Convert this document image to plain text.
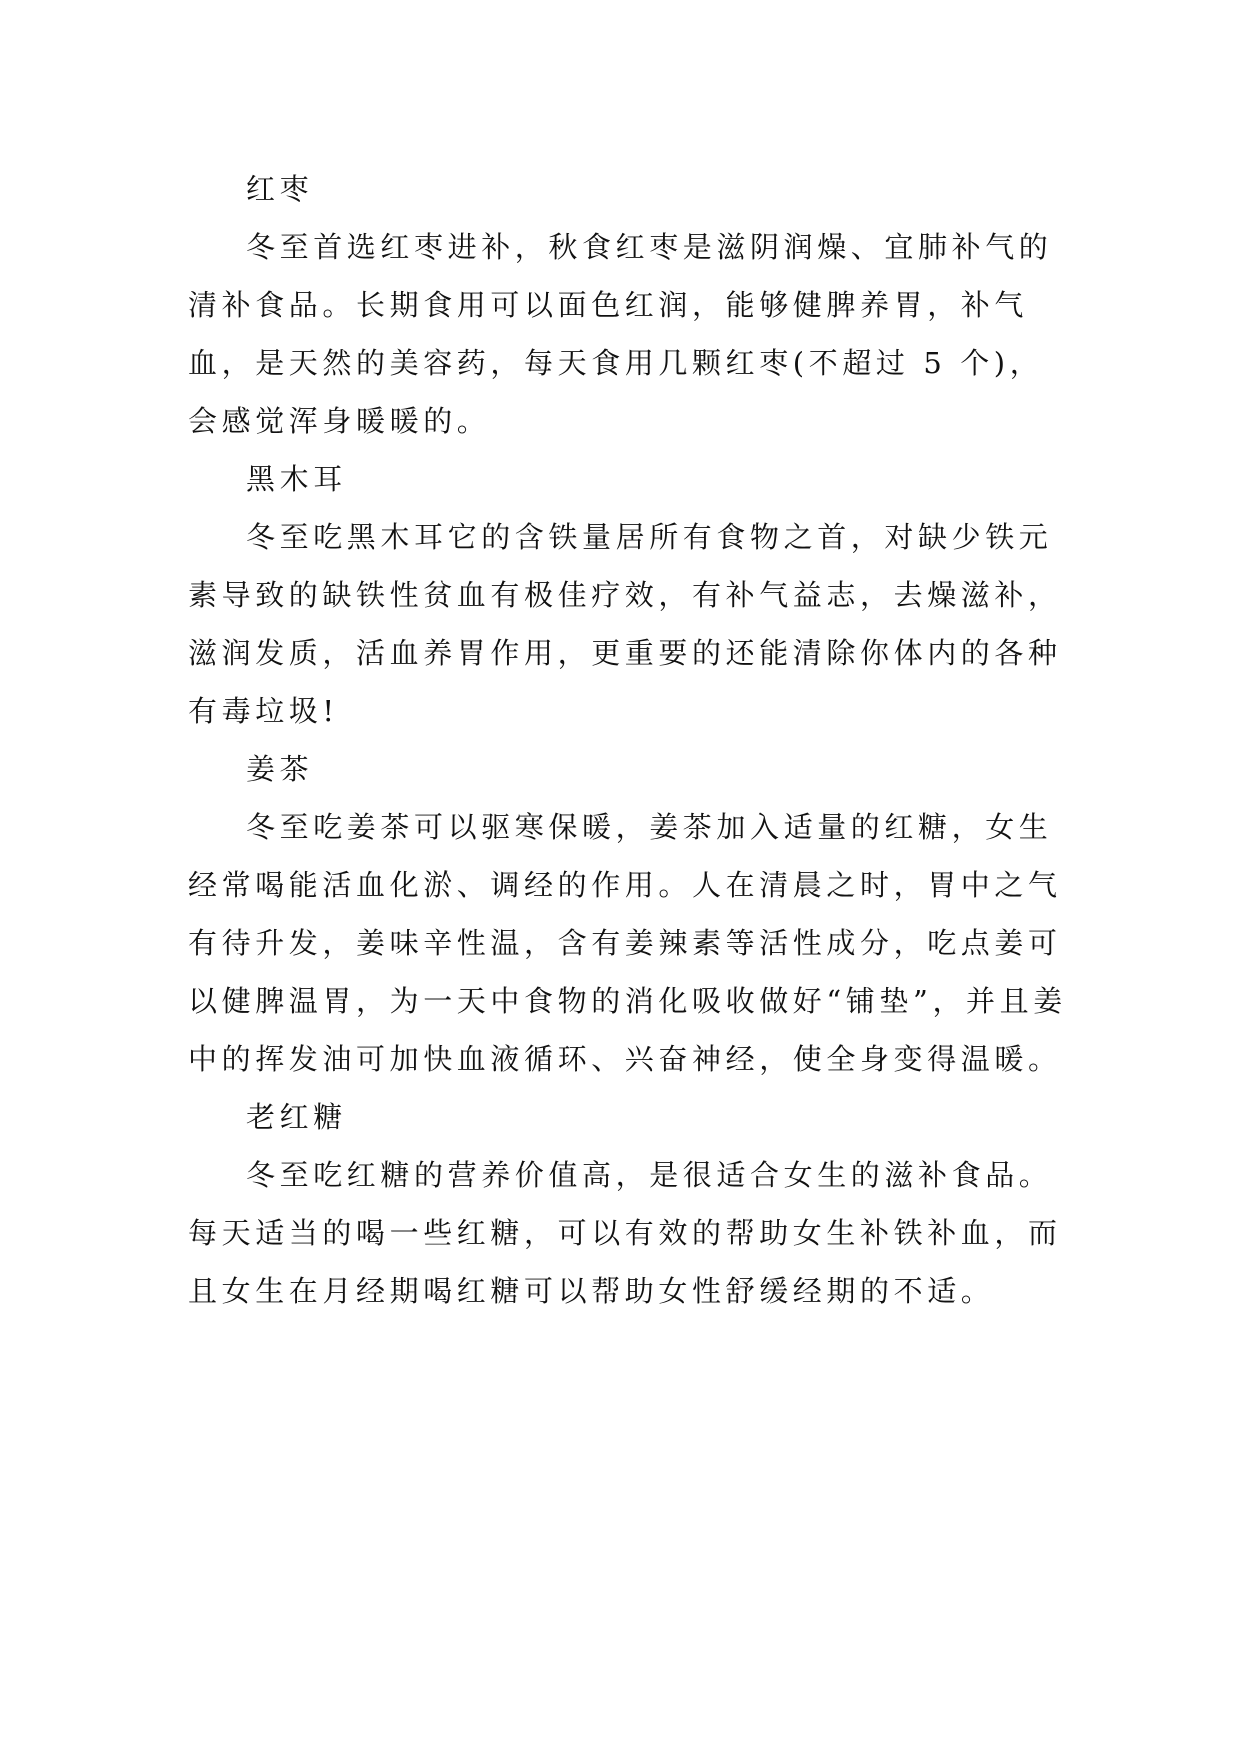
红枣
冬至首选红枣进补，秋食红枣是滋阴润燥、宜肺补气的清补食品。长期食用可以面色红润，能够健脾养胃，补气血，是天然的美容药，每天食用几颗红枣(不超过 5 个)，会感觉浑身暖暖的。
黑木耳
冬至吃黑木耳它的含铁量居所有食物之首，对缺少铁元素导致的缺铁性贫血有极佳疗效，有补气益志，去燥滋补，滋润发质，活血养胃作用，更重要的还能清除你体内的各种有毒垃圾!
姜茶
冬至吃姜茶可以驱寒保暖，姜茶加入适量的红糖，女生经常喝能活血化淤、调经的作用。人在清晨之时，胃中之气有待升发，姜味辛性温，含有姜辣素等活性成分，吃点姜可以健脾温胃，为一天中食物的消化吸收做好“铺垫”，并且姜中的挥发油可加快血液循环、兴奋神经，使全身变得温暖。
老红糖
冬至吃红糖的营养价值高，是很适合女生的滋补食品。每天适当的喝一些红糖，可以有效的帮助女生补铁补血，而且女生在月经期喝红糖可以帮助女性舒缓经期的不适。
